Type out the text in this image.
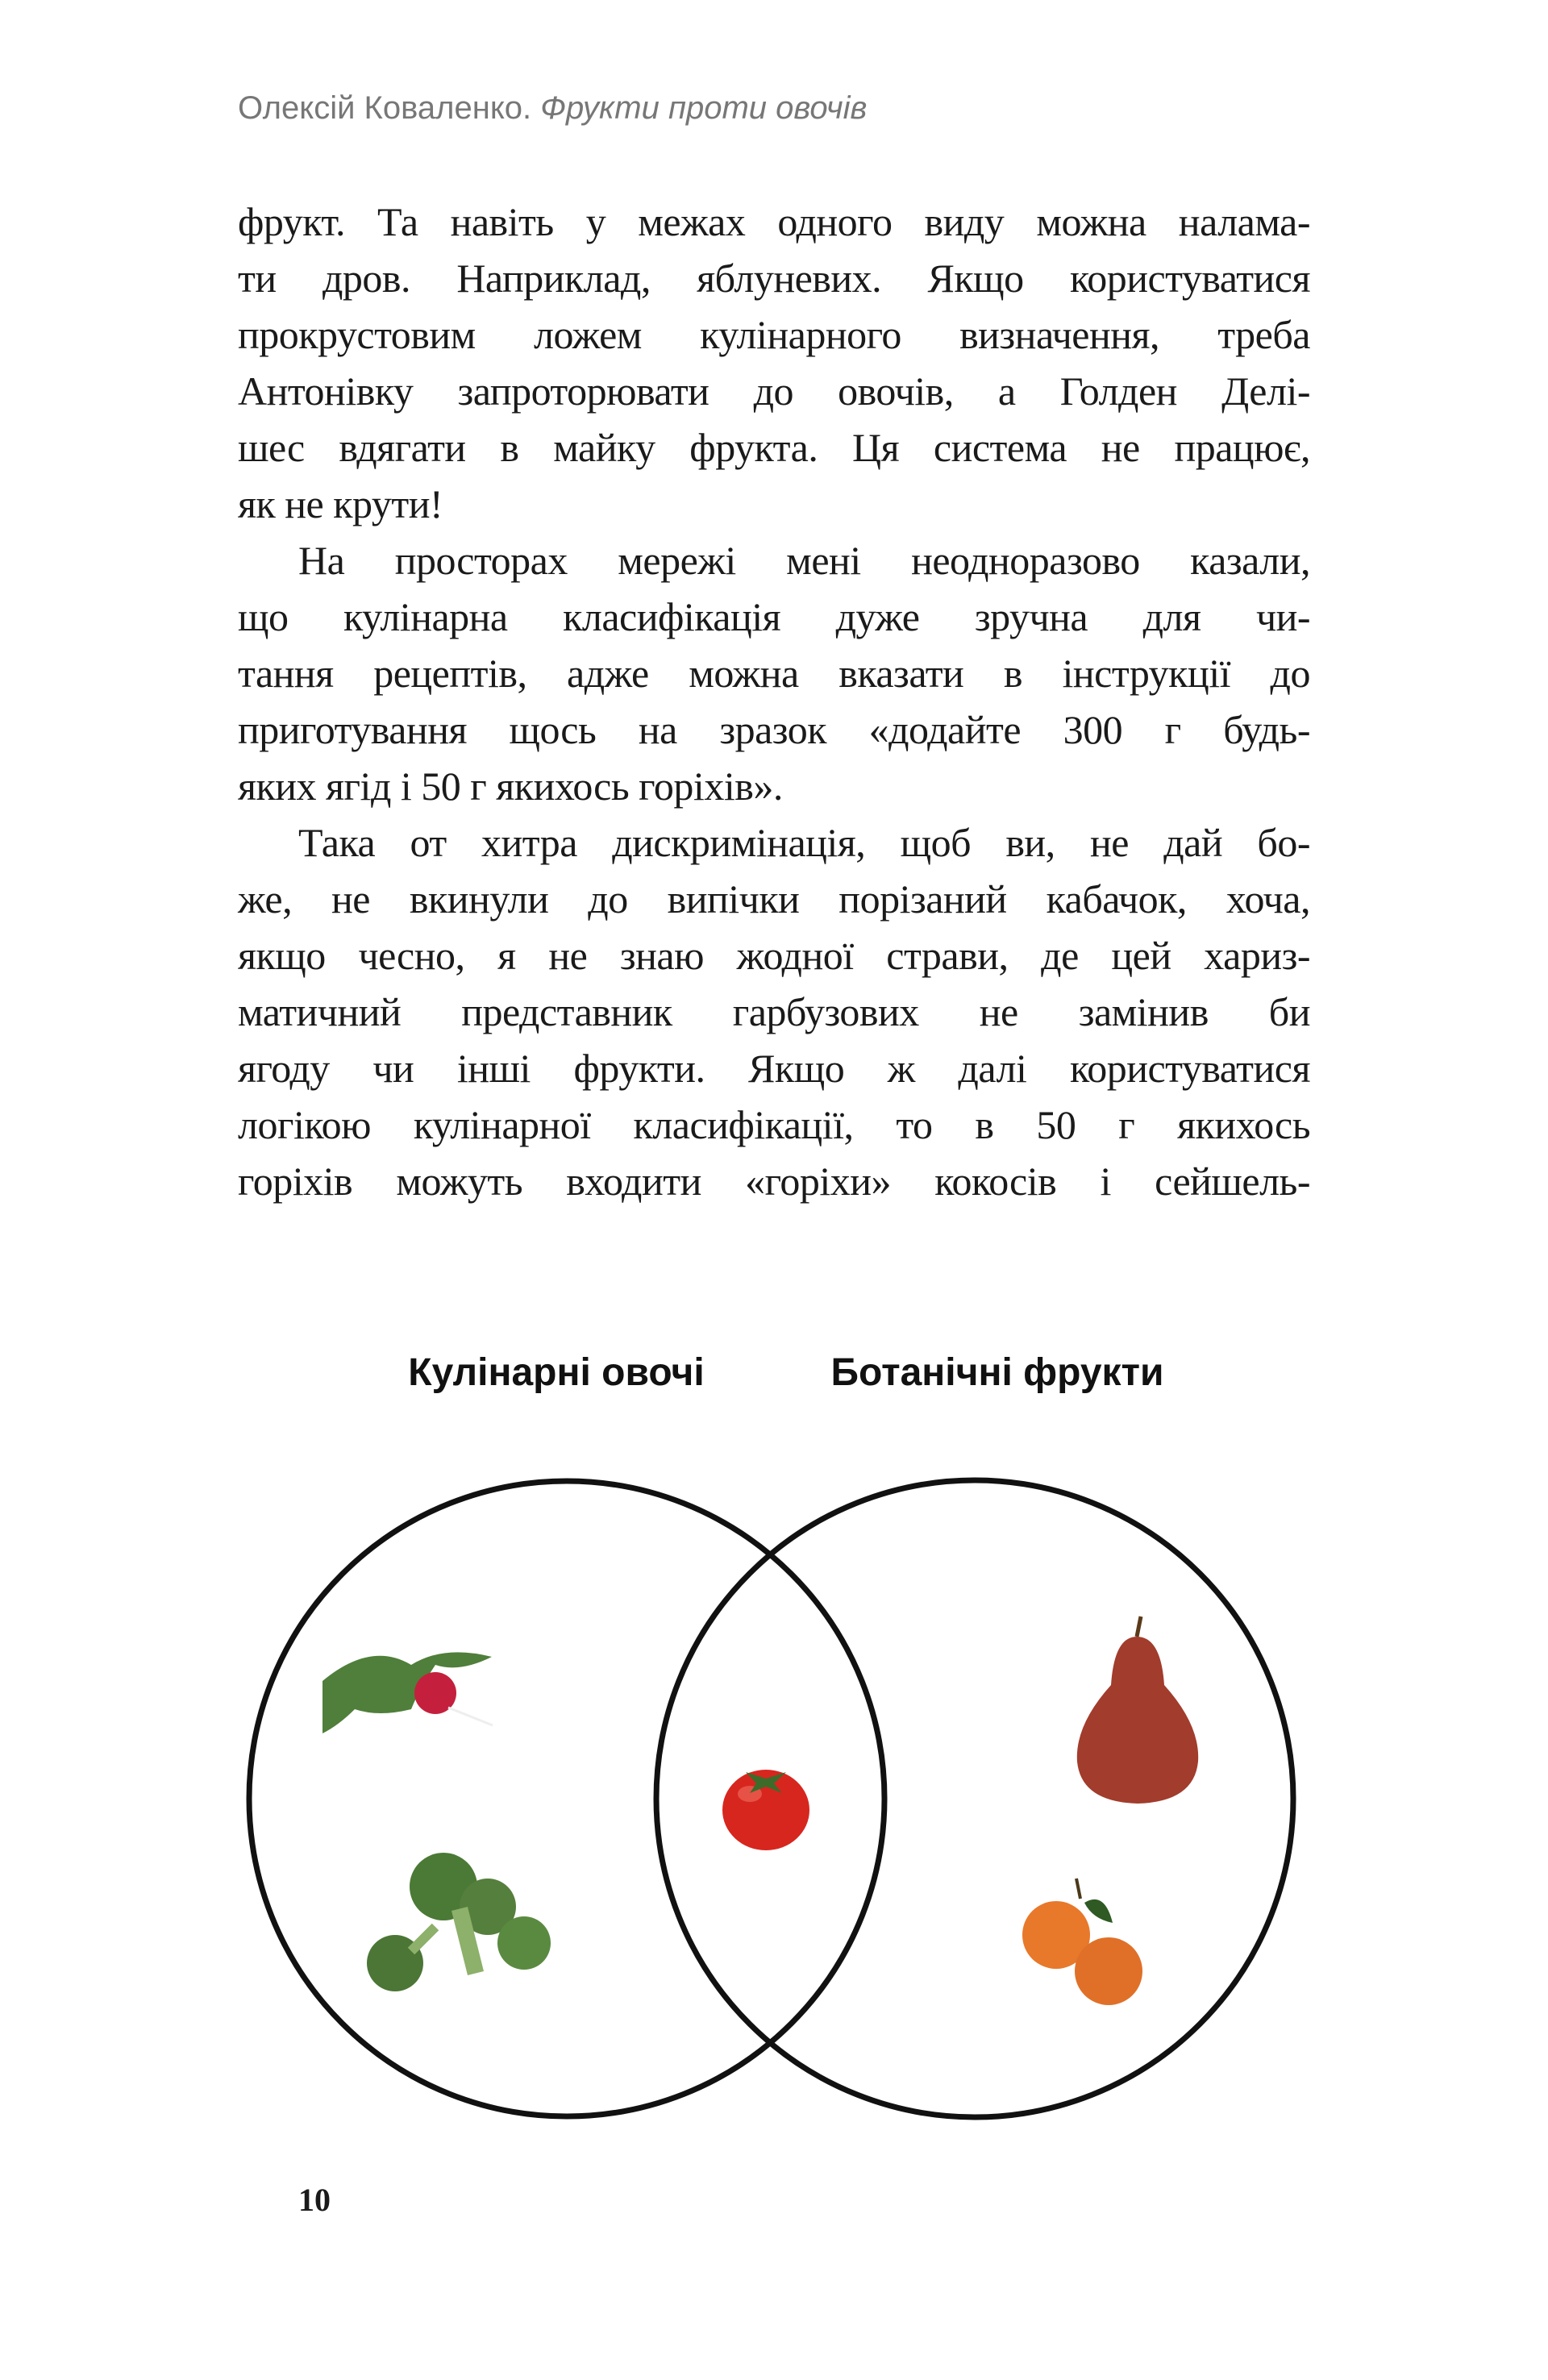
Олексій Коваленко. Фрукти проти овочів
фрукт. Та навіть у межах одного виду можна налама-
ти дров. Наприклад, яблуневих. Якщо користуватися
прокрустовим ложем кулінарного визначення, треба
Антонівку запроторювати до овочів, а Голден Делі-
шес вдягати в майку фрукта. Ця система не працює,
як не крути!
На просторах мережі мені неодноразово казали,
що кулінарна класифікація дуже зручна для чи-
тання рецептів, адже можна вказати в інструкції до
приготування щось на зразок «додайте 300 г будь-
яких ягід і 50 г якихось горіхів».
Така от хитра дискримінація, щоб ви, не дай бо-
же, не вкинули до випічки порізаний кабачок, хоча,
якщо чесно, я не знаю жодної страви, де цей хариз-
матичний представник гарбузових не замінив би
ягоду чи інші фрукти. Якщо ж далі користуватися
логікою кулінарної класифікації, то в 50 г якихось
горіхів можуть входити «горіхи» кокосів і сейшель-
Кулінарні овочі	Ботанічні фрукти
10
